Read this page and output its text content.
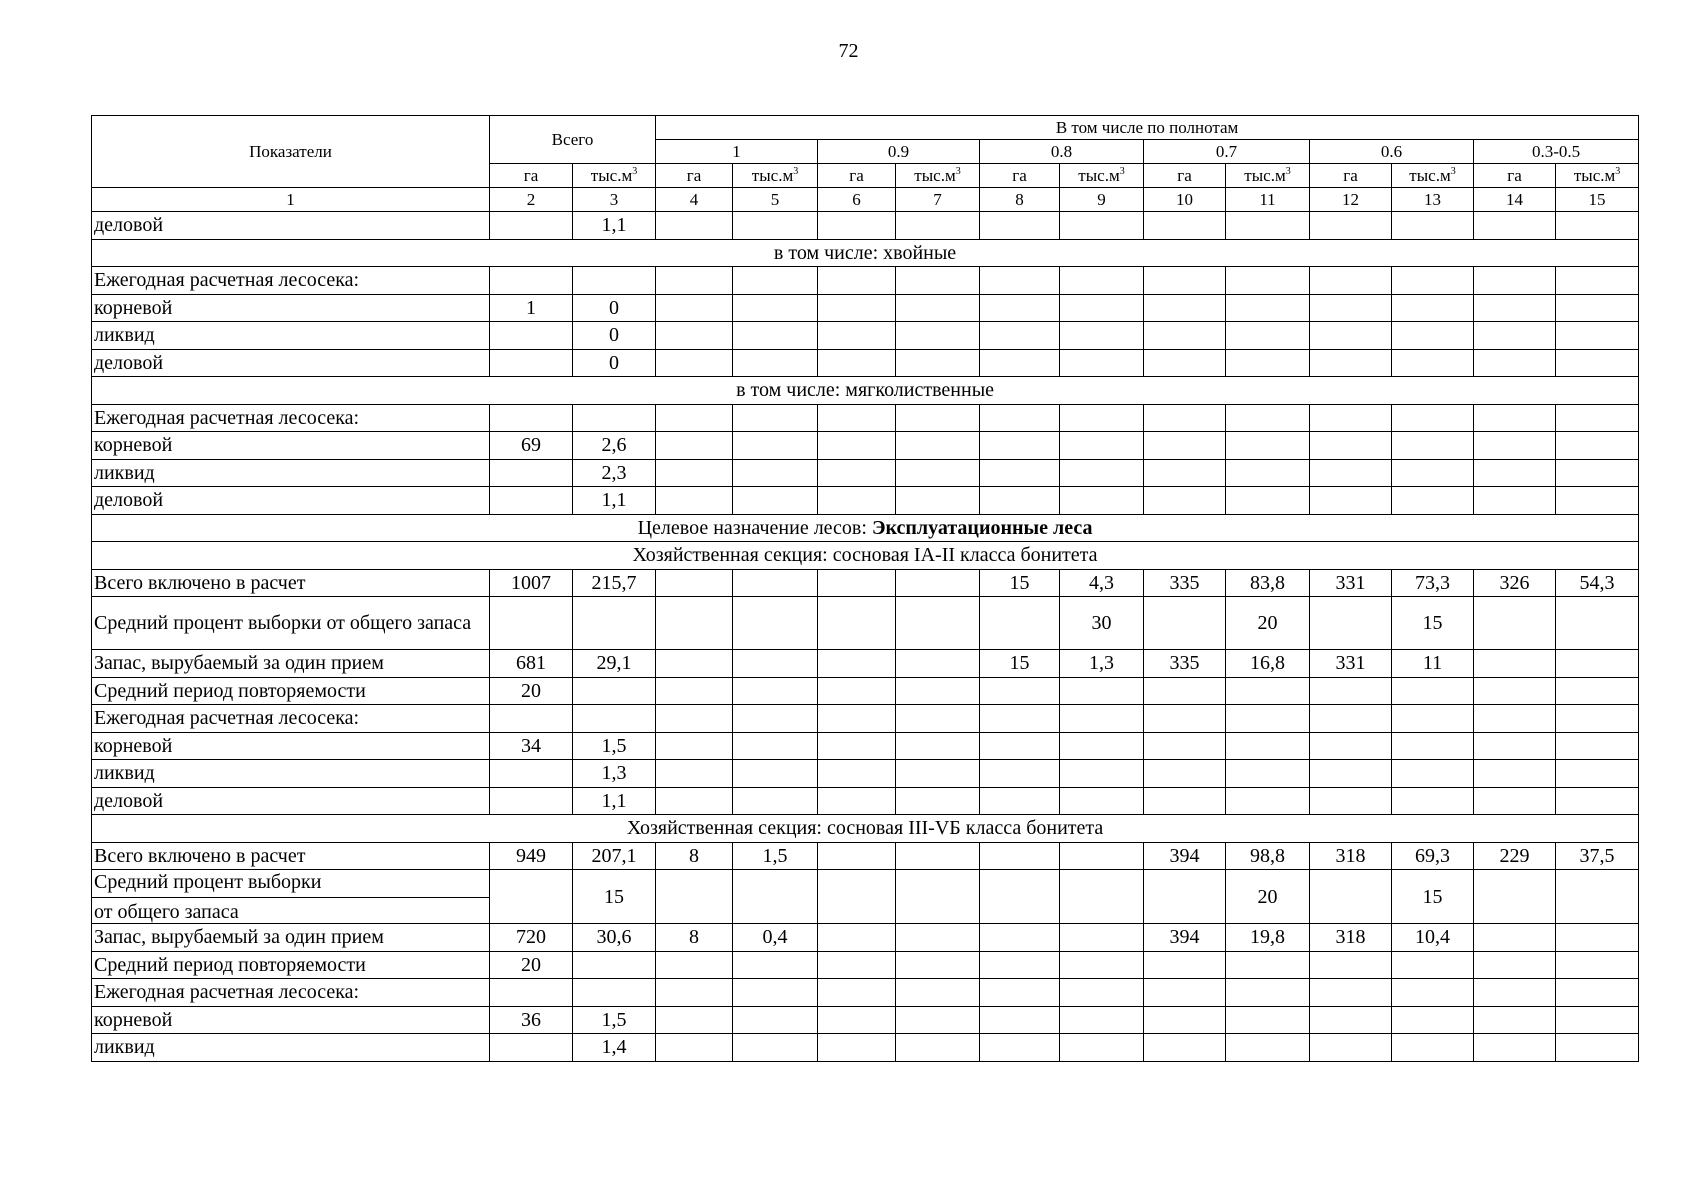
72
Показатели	Всего		В том числе по полнотам											
			1		0.9		0.8		0.7		0.6		0.3-0.5	
	га	$тыс.м^3$	га	$тыс.м^3$	га	$тыс.м^3$	га	$тыс.м^3$	га	$тыс.м^3$	га	$тыс.м^3$	га	$тыс.м^3$
1	2	3	4	5	6	7	8	9	10	11	12	13	14	15
деловой		1,1												
в том числе: хвойные														
Ежегодная расчетная лесосека:														
корневой	1	0												
ликвид		0												
деловой		0												
в том числе: мягколиственные														
Ежегодная расчетная лесосека:														
корневой	69	2,6												
ликвид		2,3												
деловой		1,1												
Целевое назначение лесов: Эксплуатационные леса														
Хозяйственная секция: сосновая IA-II класса бонитета														
Всего включено в расчет	1007	215,7					15	4,3	335	83,8	331	73,3	326	54,3

Средний процент выборки от общего запаса								30		20		15		
Запас, вырубаемый за один прием	681	29,1					15	1,3	335	16,8	331	11		
Средний период повторяемости	20													
Ежегодная расчетная лесосека:														
корневой	34	1,5												
ликвид		1,3												
деловой		1,1												
Хозяйственная секция: сосновая III-VБ класса бонитета														
Всего включено в расчет	949	207,1	8	1,5					394	98,8	318	69,3	229	37,5

Средний процент выборки
от общего запаса		15								20		15		
Запас, вырубаемый за один прием	720	30,6	8	0,4					394	19,8	318	10,4		
Средний период повторяемости	20													
Ежегодная расчетная лесосека:														
корневой	36	1,5												
ликвид		1,4												
